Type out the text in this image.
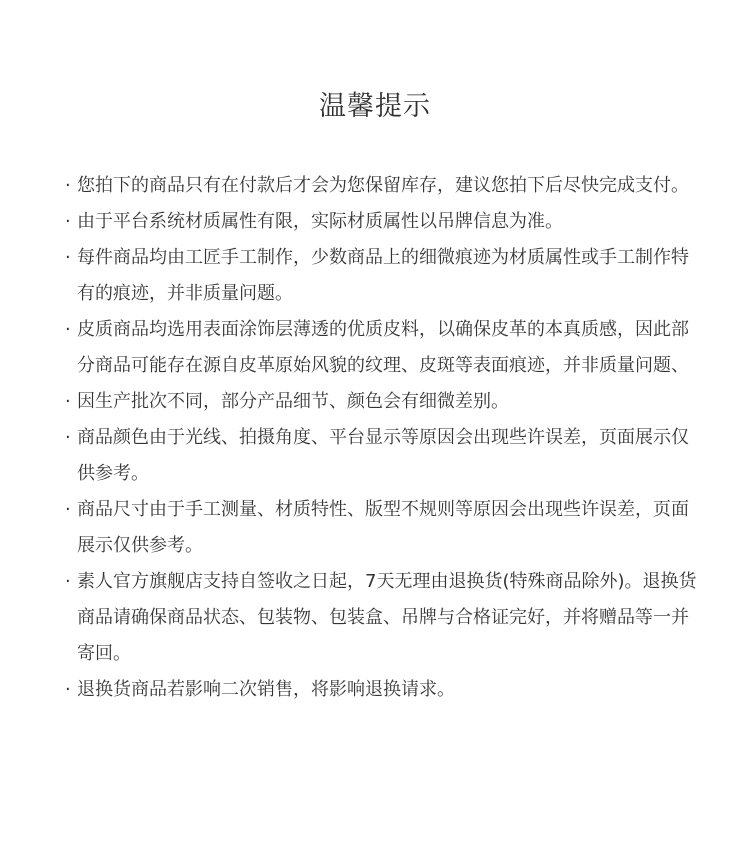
温馨提示
· 您拍下的商品只有在付款后才会为您保留库存，建议您拍下后尽快完成支付。
· 由于平台系统材质属性有限，实际材质属性以吊牌信息为准。
· 每件商品均由工匠手工制作，少数商品上的细微痕迹为材质属性或手工制作特有的痕迹，并非质量问题。
· 皮质商品均选用表面涂饰层薄透的优质皮料，以确保皮革的本真质感，因此部分商品可能存在源自皮革原始风貌的纹理、皮斑等表面痕迹，并非质量问题、
· 因生产批次不同，部分产品细节、颜色会有细微差别。
· 商品颜色由于光线、拍摄角度、平台显示等原因会出现些许误差，页面展示仅供参考。
· 商品尺寸由于手工测量、材质特性、版型不规则等原因会出现些许误差，页面展示仅供参考。
· 素人官方旗舰店支持自签收之日起，7天无理由退换货(特殊商品除外)。退换货商品请确保商品状态、包装物、包装盒、吊牌与合格证完好，并将赠品等一并寄回。
· 退换货商品若影响二次销售，将影响退换请求。
